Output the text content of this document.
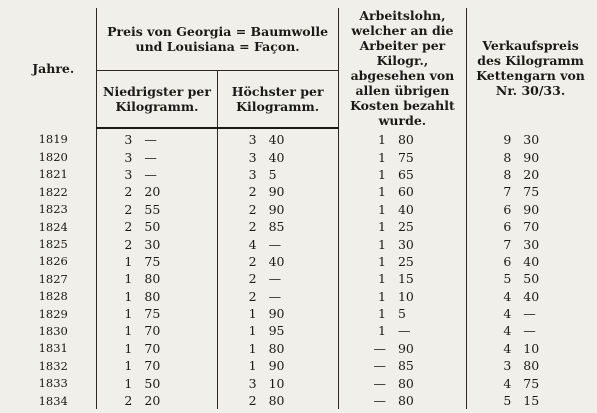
Jahre.	Preis von Georgia = Baumwolle und Louisiana = Façon.				Arbeitslohn, welcher an die Arbeiter per Kilogr., abgesehen von allen übrigen Kosten bezahlt wurde.		Verkaufspreis des Kilogramm Kettengarn von Nr. 30/33.	
	Niedrigster per Kilogramm.		Höchster per Kilogramm.					
1819	3	—	3	40	1	80	9	30
1820	3	—	3	40	1	75	8	90
1821	3	—	3	5	1	65	8	20
1822	2	20	2	90	1	60	7	75
1823	2	55	2	90	1	40	6	90
1824	2	50	2	85	1	25	6	70
1825	2	30	4	—	1	30	7	30
1826	1	75	2	40	1	25	6	40
1827	1	80	2	—	1	15	5	50
1828	1	80	2	—	1	10	4	40
1829	1	75	1	90	1	5	4	—
1830	1	70	1	95	1	—	4	—
1831	1	70	1	80	—	90	4	10
1832	1	70	1	90	—	85	3	80
1833	1	50	3	10	—	80	4	75
1834	2	20	2	80	—	80	5	15
